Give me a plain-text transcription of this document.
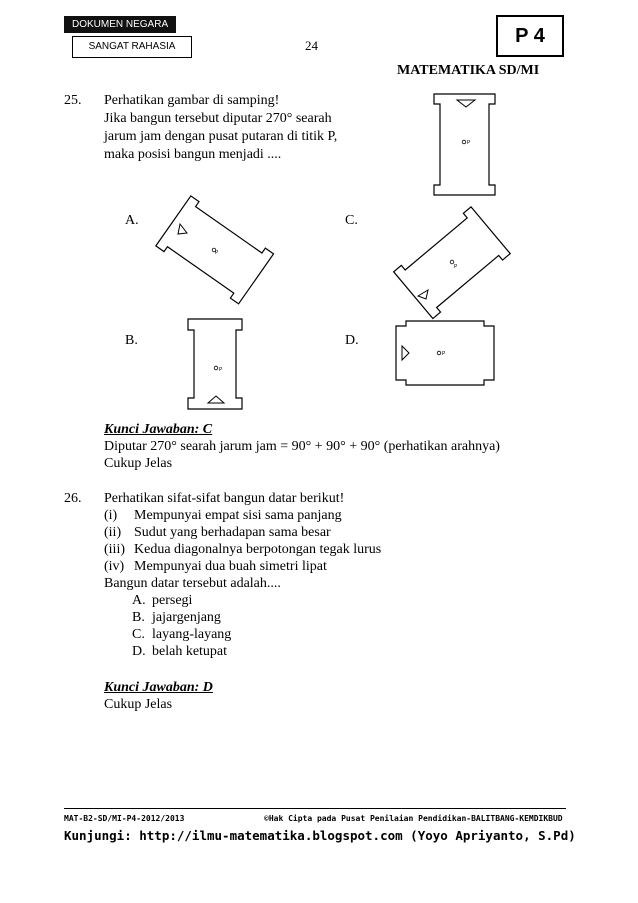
DOKUMEN NEGARA
SANGAT RAHASIA	24	P 4
MATEMATIKA SD/MI
25. Perhatikan gambar di samping!
Jika bangun tersebut diputar 270° searah
jarum jam dengan pusat putaran di titik P,
maka posisi bangun menjadi ....
P
A.	C.
B.	D.
P
P
P
P
Kunci Jawaban: C
Diputar 270° searah jarum jam = 90° + 90° + 90° (perhatikan arahnya)
Cukup Jelas
26. Perhatikan sifat-sifat bangun datar berikut!
(i) Mempunyai empat sisi sama panjang
(ii) Sudut yang berhadapan sama besar
(iii) Kedua diagonalnya berpotongan tegak lurus
(iv) Mempunyai dua buah simetri lipat
Bangun datar tersebut adalah....
A. persegi
B. jajargenjang
C. layang-layang
D. belah ketupat
Kunci Jawaban: D
Cukup Jelas
MAT-B2-SD/MI-P4-2012/2013	©Hak Cipta pada Pusat Penilaian Pendidikan-BALITBANG-KEMDIKBUD
Kunjungi: http://ilmu-matematika.blogspot.com (Yoyo Apriyanto, S.Pd)
